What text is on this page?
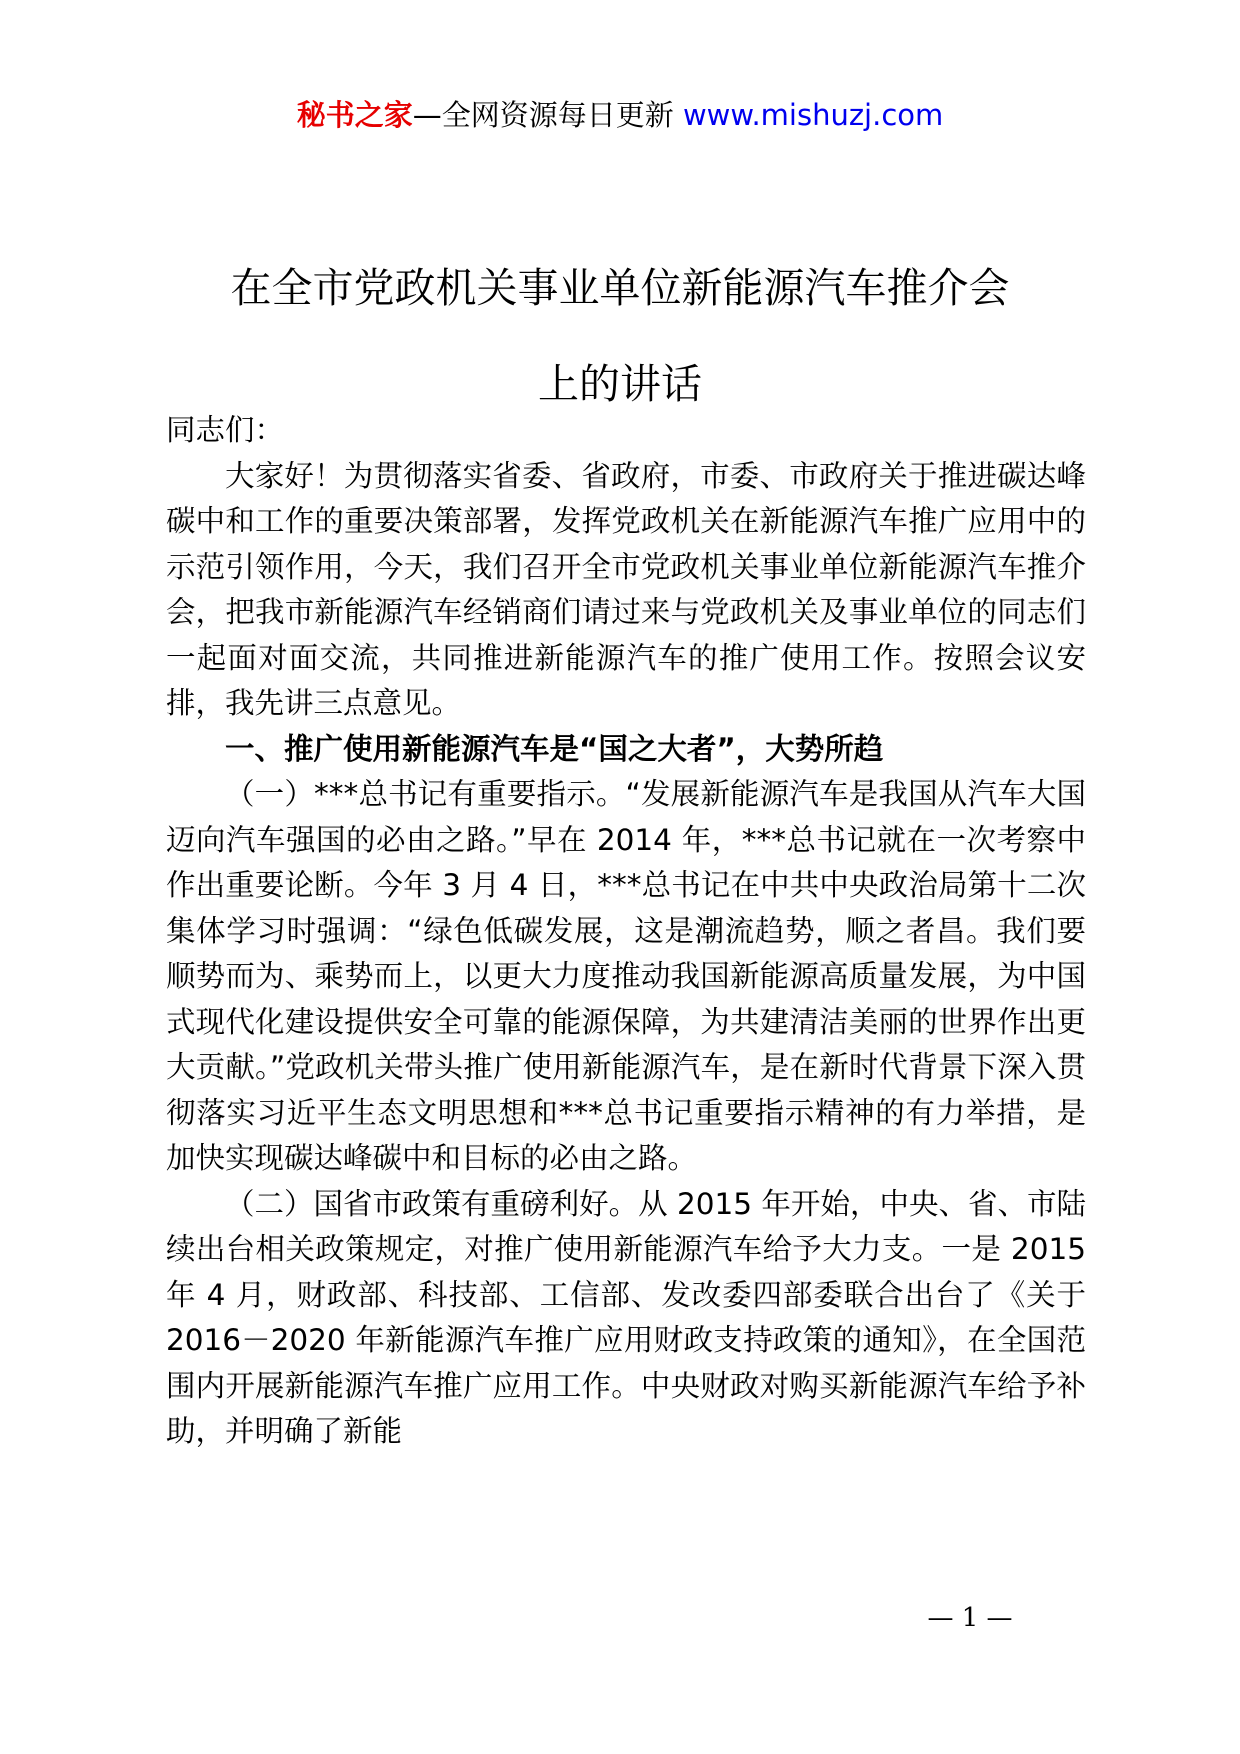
秘书之家—全网资源每日更新 www.mishuzj.com
在全市党政机关事业单位新能源汽车推介会
上的讲话

同志们：

大家好！为贯彻落实省委、省政府，市委、市政府关于推进碳达峰碳中和工作的重要决策部署，发挥党政机关在新能源汽车推广应用中的示范引领作用，今天，我们召开全市党政机关事业单位新能源汽车推介会，把我市新能源汽车经销商们请过来与党政机关及事业单位的同志们一起面对面交流，共同推进新能源汽车的推广使用工作。按照会议安排，我先讲三点意见。

一、推广使用新能源汽车是“国之大者”，大势所趋

（一）***总书记有重要指示。“发展新能源汽车是我国从汽车大国迈向汽车强国的必由之路。”早在 2014 年，***总书记就在一次考察中作出重要论断。今年 3 月 4 日，***总书记在中共中央政治局第十二次集体学习时强调：“绿色低碳发展，这是潮流趋势，顺之者昌。我们要顺势而为、乘势而上，以更大力度推动我国新能源高质量发展，为中国式现代化建设提供安全可靠的能源保障，为共建清洁美丽的世界作出更大贡献。”党政机关带头推广使用新能源汽车，是在新时代背景下深入贯彻落实习近平生态文明思想和***总书记重要指示精神的有力举措，是加快实现碳达峰碳中和目标的必由之路。

（二）国省市政策有重磅利好。从 2015 年开始，中央、省、市陆续出台相关政策规定，对推广使用新能源汽车给予大力支。一是 2015 年 4 月，财政部、科技部、工信部、发改委四部委联合出台了《关于 2016－2020 年新能源汽车推广应用财政支持政策的通知》，在全国范围内开展新能源汽车推广应用工作。中央财政对购买新能源汽车给予补助，并明确了新能

— 1 —
